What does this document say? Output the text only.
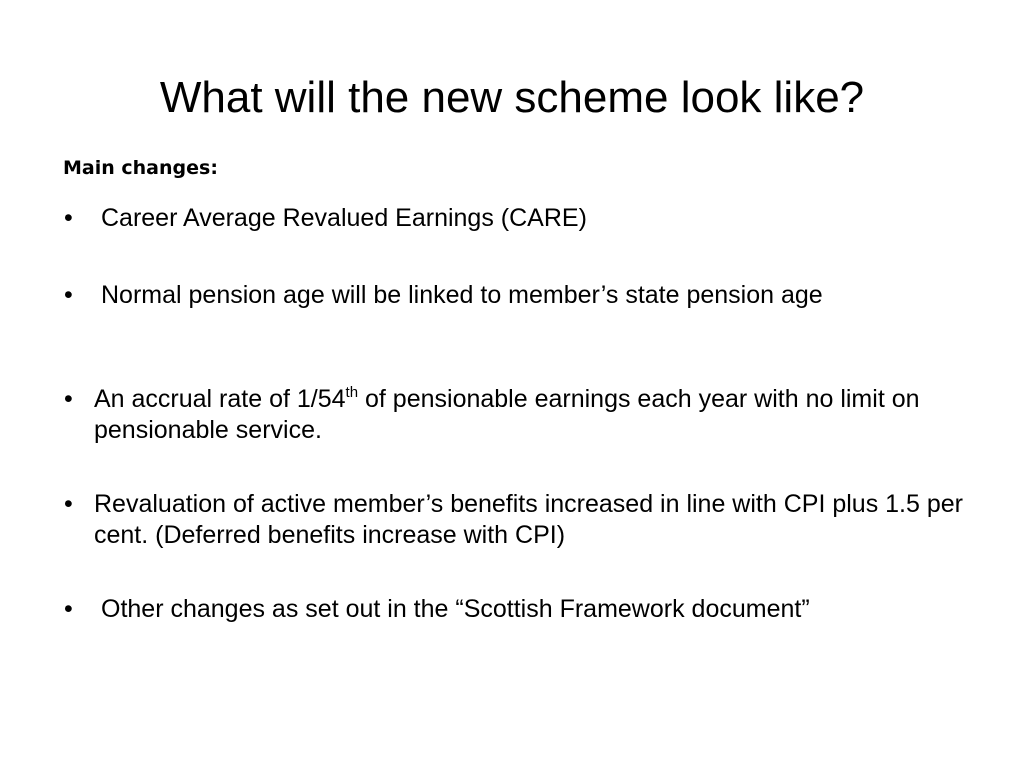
What will the new scheme look like?
Main changes:
•	Career Average Revalued Earnings (CARE)
•	Normal pension age will be linked to member’s state pension age
• An accrual rate of 1/54th of pensionable earnings each year with no limit on pensionable service.
• Revaluation of active member’s benefits increased in line with CPI plus 1.5 per cent. (Deferred benefits increase with CPI)
•	Other changes as set out in the “Scottish Framework document”
